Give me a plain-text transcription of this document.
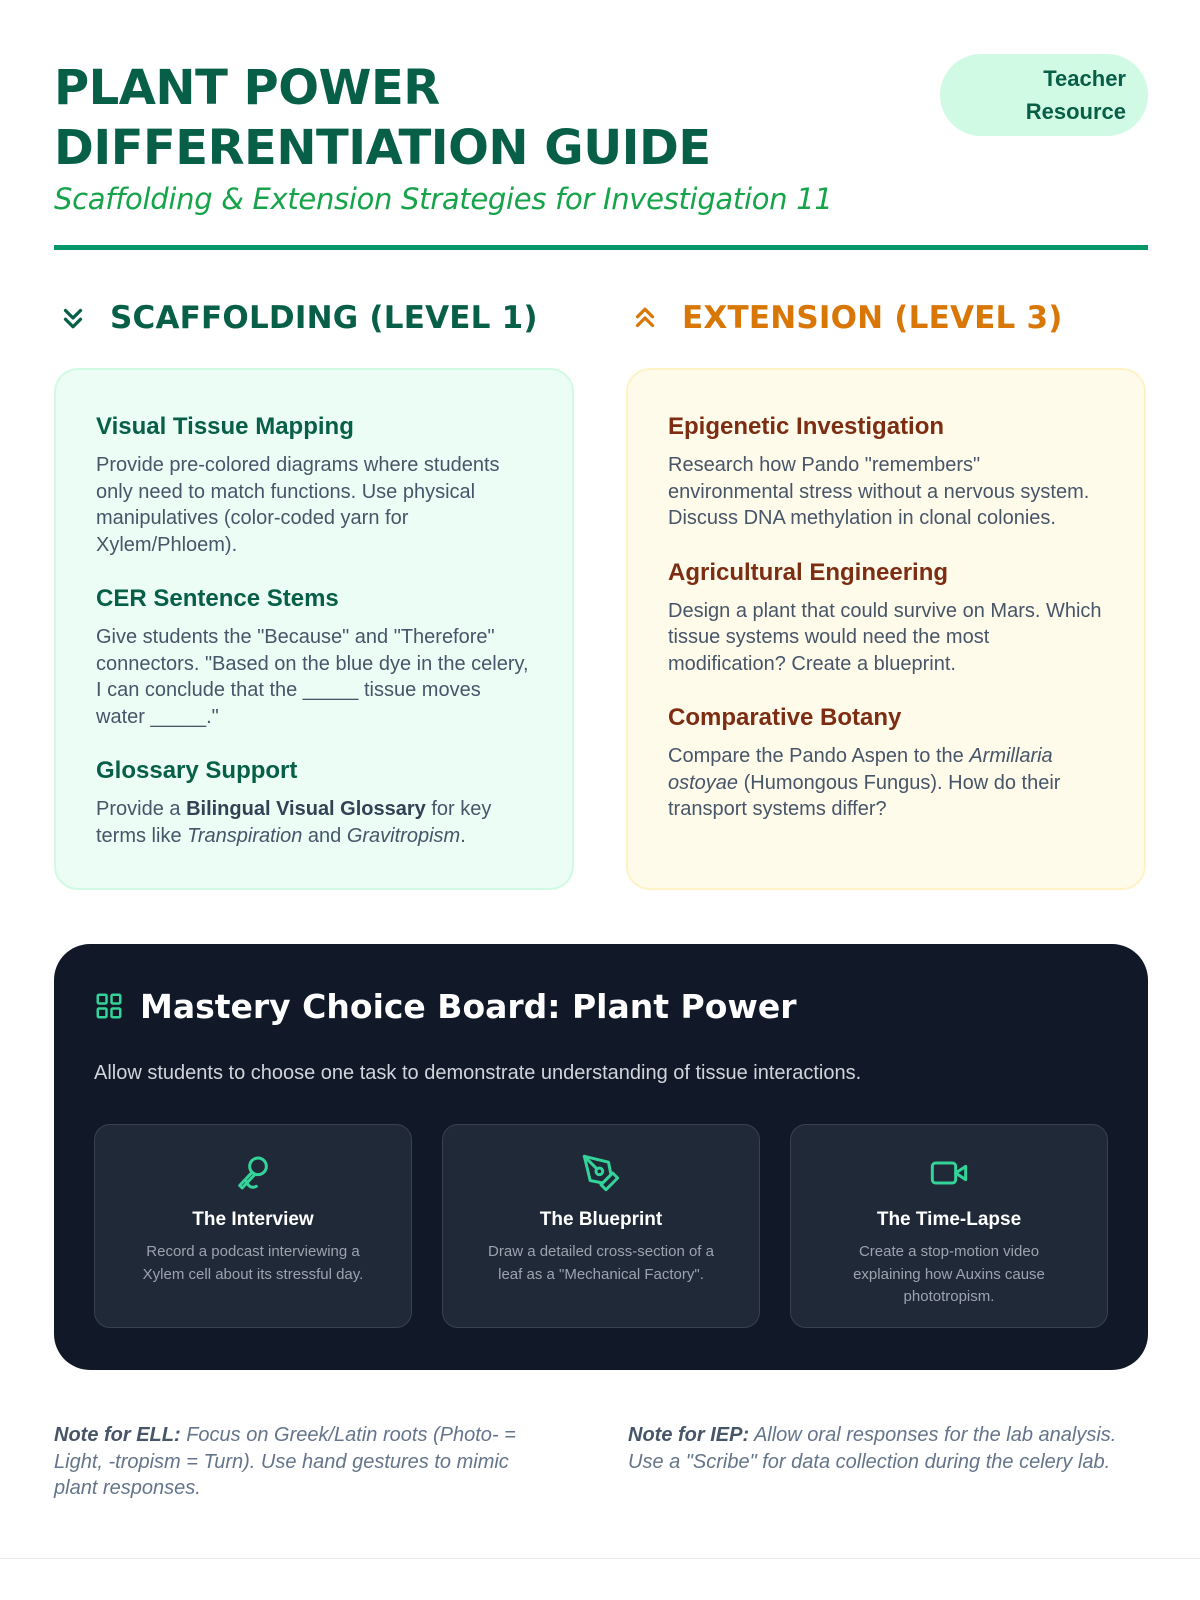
PLANT POWER
DIFFERENTIATION GUIDE
Scaffolding & Extension Strategies for Investigation 11
Teacher
Resource
SCAFFOLDING (LEVEL 1)
Visual Tissue Mapping

Provide pre-colored diagrams where students only need to match functions. Use physical manipulatives (color-coded yarn for Xylem/Phloem).

CER Sentence Stems

Give students the "Because" and "Therefore" connectors. "Based on the blue dye in the celery, I can conclude that the _____ tissue moves water _____."

Glossary Support

Provide a Bilingual Visual Glossary for key terms like Transpiration and Gravitropism.

EXTENSION (LEVEL 3)
Epigenetic Investigation

Research how Pando "remembers" environmental stress without a nervous system. Discuss DNA methylation in clonal colonies.

Agricultural Engineering

Design a plant that could survive on Mars. Which tissue systems would need the most modification? Create a blueprint.

Comparative Botany

Compare the Pando Aspen to the Armillaria ostoyae (Humongous Fungus). How do their transport systems differ?

Mastery Choice Board: Plant Power
Allow students to choose one task to demonstrate understanding of tissue interactions.
The Interview

Record a podcast interviewing a Xylem cell about its stressful day.

The Blueprint

Draw a detailed cross-section of a leaf as a "Mechanical Factory".

The Time-Lapse

Create a stop-motion video explaining how Auxins cause phototropism.

Note for ELL: Focus on Greek/Latin roots (Photo- = Light, -tropism = Turn). Use hand gestures to mimic plant responses.
Note for IEP: Allow oral responses for the lab analysis. Use a "Scribe" for data collection during the celery lab.
